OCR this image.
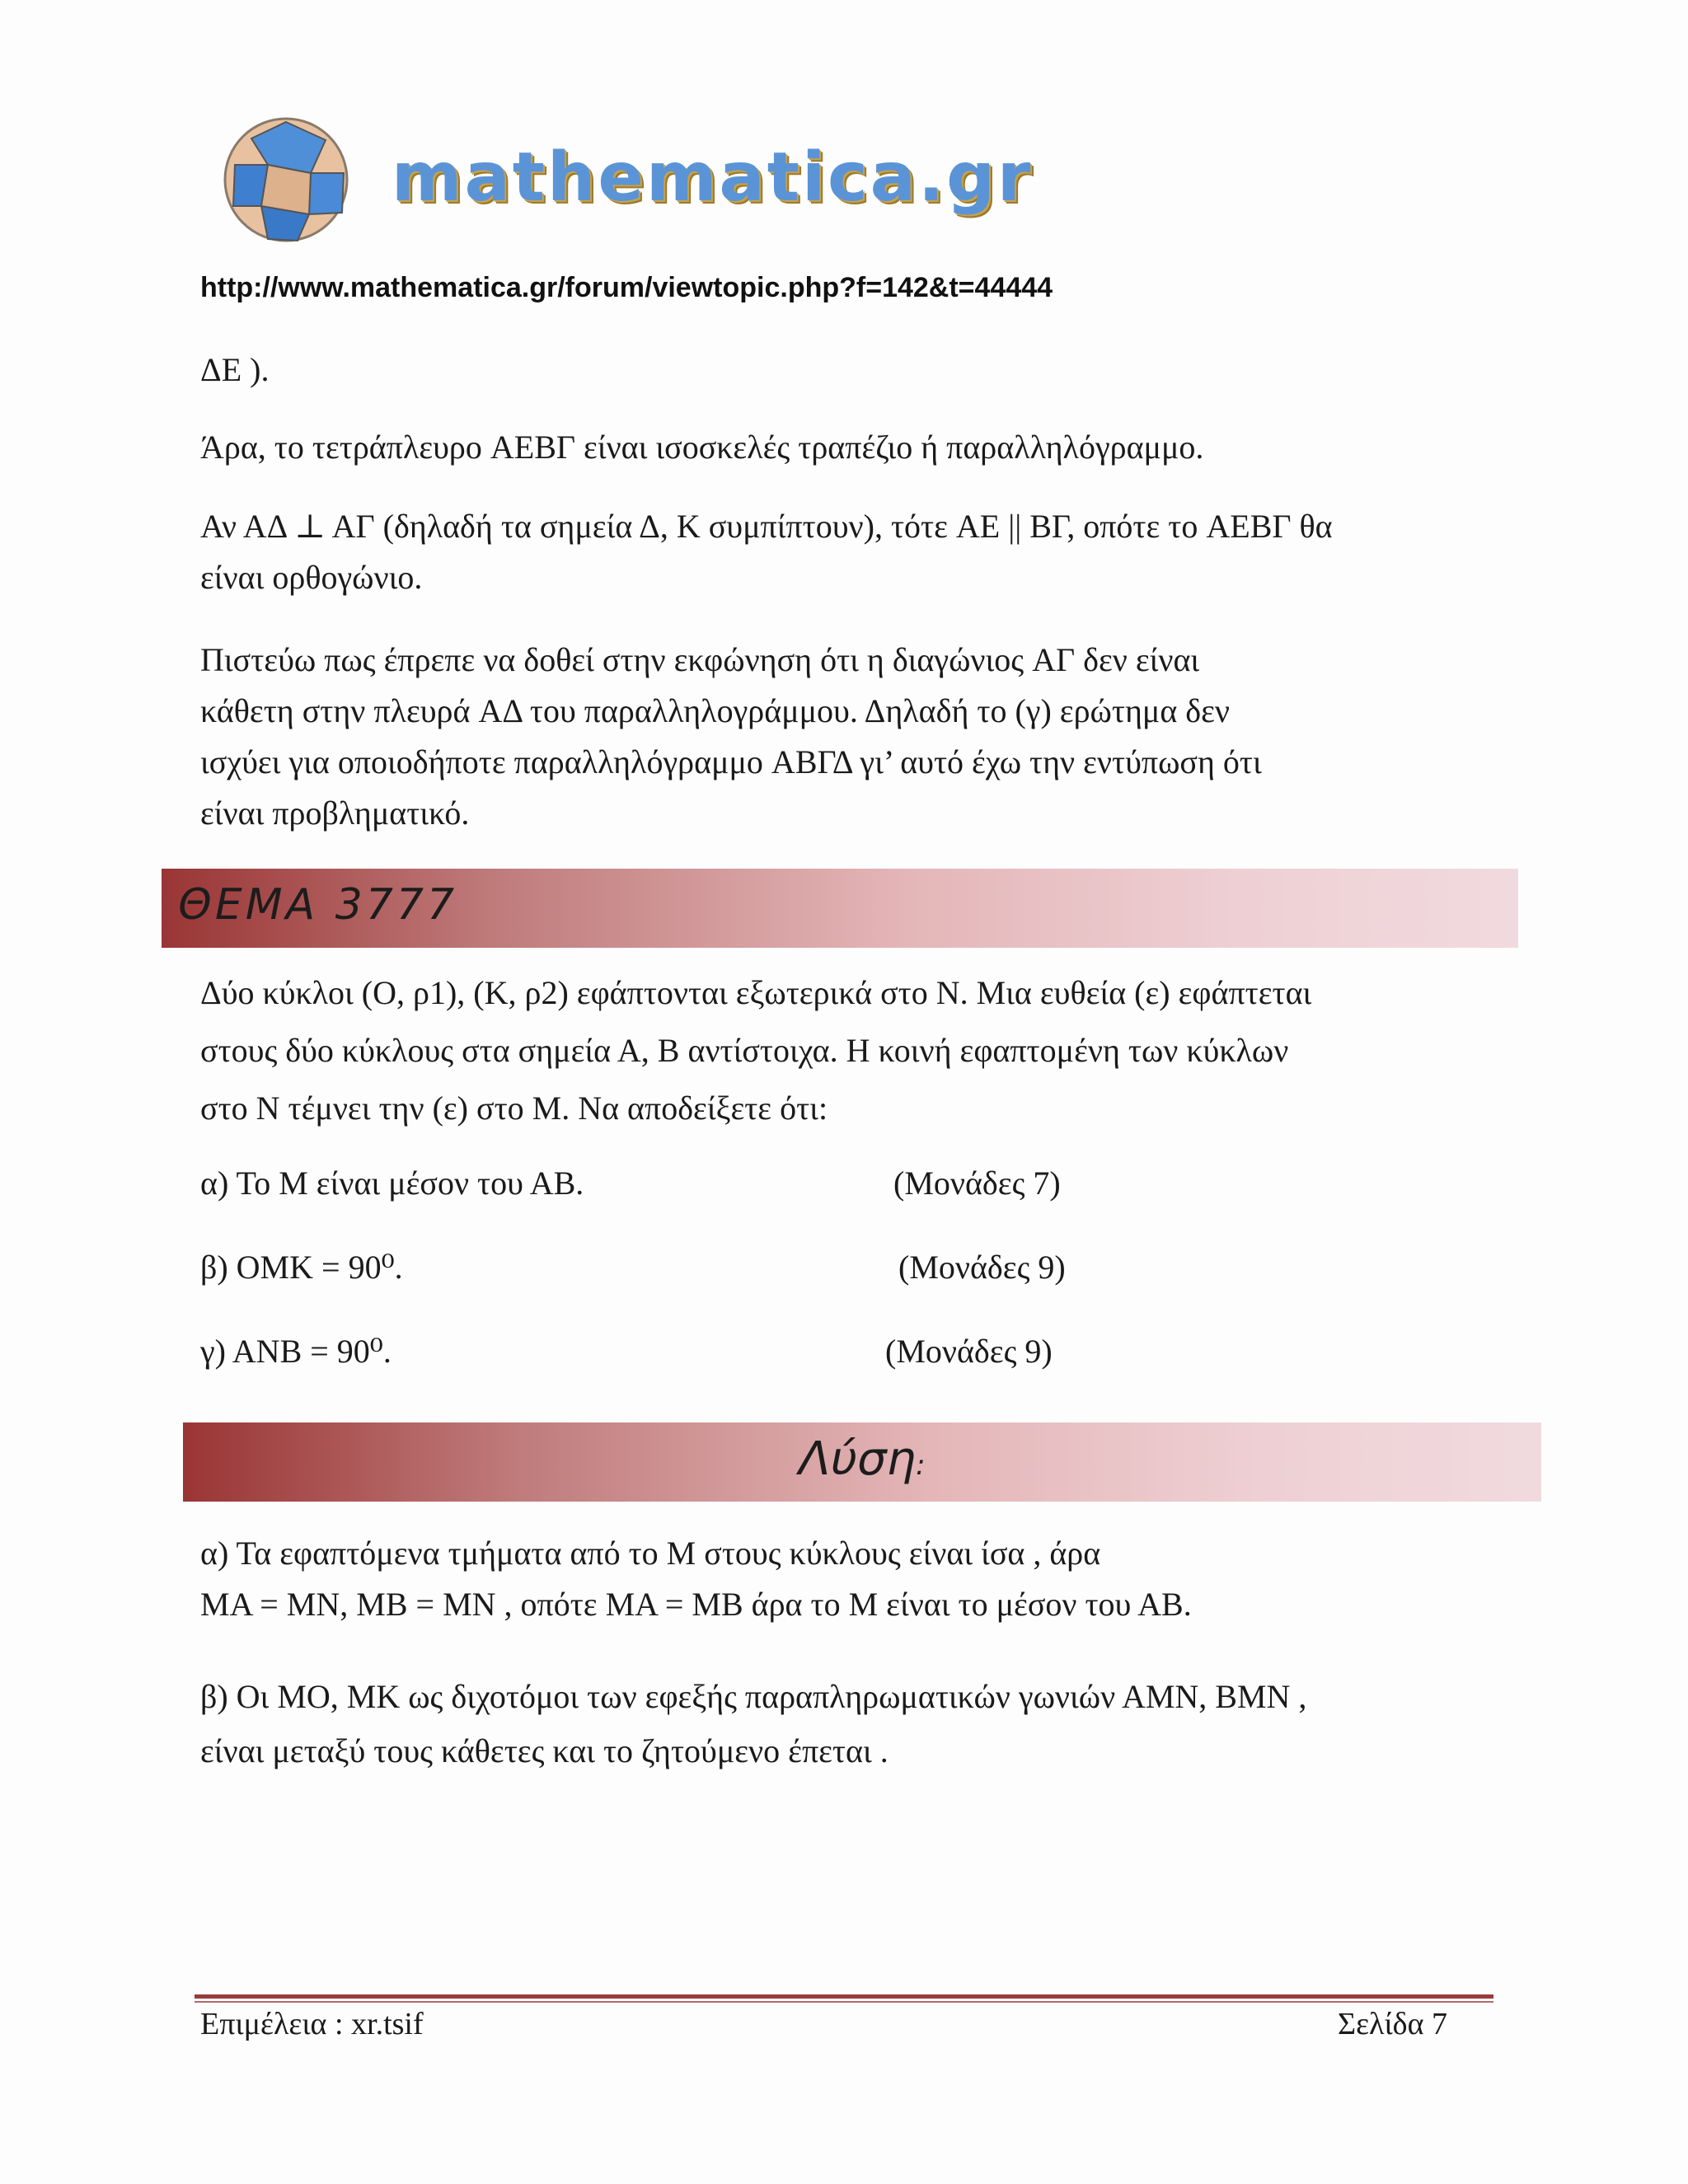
mathematica.gr
http://www.mathematica.gr/forum/viewtopic.php?f=142&t=44444

ΔE ).

Άρα, το τετράπλευρο AEBΓ είναι ισοσκελές τραπέζιο ή παραλληλόγραμμο.

Αν ΑΔ ⊥ ΑΓ (δηλαδή τα σημεία Δ, K συμπίπτουν), τότε AE || BΓ, οπότε το AEBΓ θα

είναι ορθογώνιο.

Πιστεύω πως έπρεπε να δοθεί στην εκφώνηση ότι η διαγώνιος AΓ δεν είναι

κάθετη στην πλευρά AΔ του παραλληλογράμμου. Δηλαδή το (γ) ερώτημα δεν

ισχύει για οποιοδήποτε παραλληλόγραμμο ABΓΔ γι’ αυτό έχω την εντύπωση ότι

είναι προβληματικό.

ΘΕΜΑ 3777

Δύο κύκλοι (O, ρ1), (Κ, ρ2) εφάπτονται εξωτερικά στο Ν. Μια ευθεία (ε) εφάπτεται

στους δύο κύκλους στα σημεία Α, Β αντίστοιχα. Η κοινή εφαπτομένη των κύκλων

στο Ν τέμνει την (ε) στο Μ. Να αποδείξετε ότι:

α) Το Μ είναι μέσον του ΑΒ.	(Μονάδες 7)
β) ΟΜΚ = 90⁰.	(Μονάδες 9)
γ) ΑΝΒ = 90⁰.	(Μονάδες 9)
Λύση:

α) Τα εφαπτόμενα τμήματα από το Μ στους κύκλους είναι ίσα , άρα

ΜΑ = ΜΝ, ΜΒ = ΜΝ , οπότε ΜΑ = ΜΒ άρα το Μ είναι το μέσον του ΑΒ.

β) Οι ΜΟ, ΜΚ ως διχοτόμοι των εφεξής παραπληρωματικών γωνιών ΑΜΝ, ΒΜΝ ,

είναι μεταξύ τους κάθετες και το ζητούμενο έπεται .

Επιμέλεια : xr.tsif	Σελίδα 7
